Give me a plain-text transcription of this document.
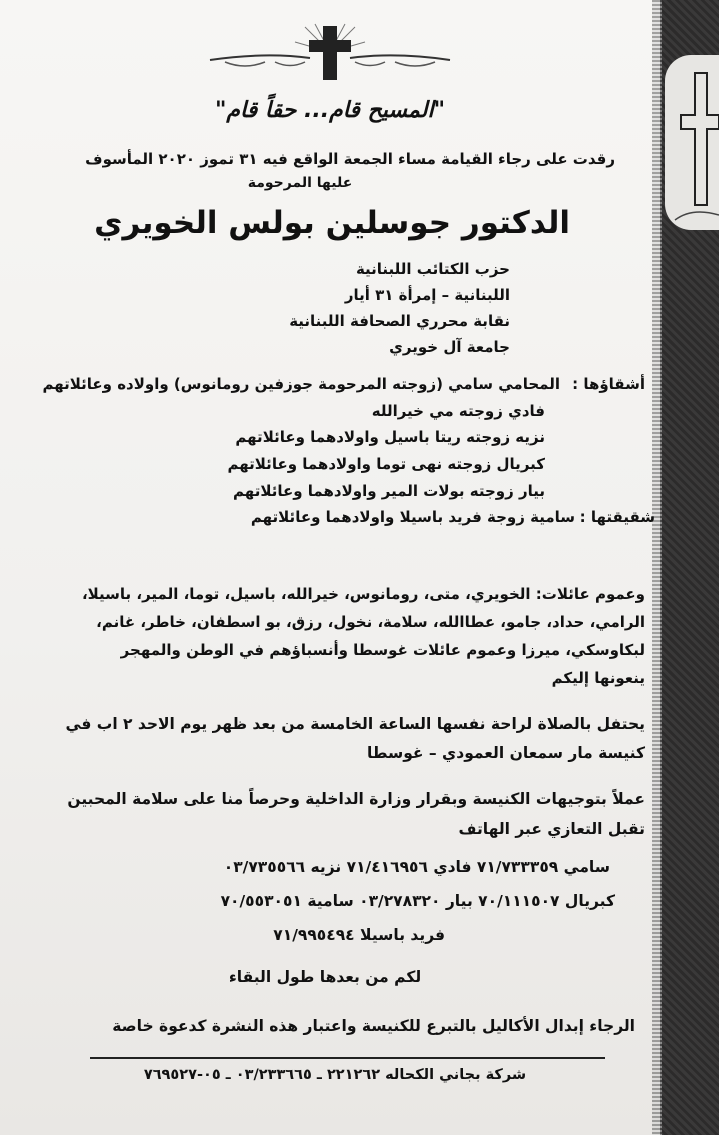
"المسيح قام... حقاً قام"
رقدت على رجاء القيامة مساء الجمعة الواقع فيه ٣١ تموز ٢٠٢٠ المأسوف
عليها المرحومة
الدكتور جوسلين بولس الخويري
حزب الكتائب اللبنانية
اللبنانية – إمرأة ٣١ أيار
نقابة محرري الصحافة اللبنانية
جامعة آل خويري
أشقاؤها :
المحامي سامي (زوجته المرحومة جوزفين رومانوس) واولاده وعائلاتهم
فادي زوجته مي خيرالله
نزيه زوجته ريتا باسيل واولادهما وعائلاتهم
كبريال زوجته نهى توما واولادهما وعائلاتهم
بيار زوجته بولات المير واولادهما وعائلاتهم
شقيقتها :
سامية زوجة فريد باسيلا واولادهما وعائلاتهم
وعموم عائلات: الخويري، متى، رومانوس، خيرالله، باسيل، توما، المير، باسيلا،
الرامي، حداد، جامو، عطاالله، سلامة، نخول، رزق، بو اسطفان، خاطر، غانم،
لبكاوسكي، ميرزا وعموم عائلات غوسطا وأنسباؤهم في الوطن والمهجر
ينعونها إليكم
يحتفل بالصلاة لراحة نفسها الساعة الخامسة من بعد ظهر يوم الاحد ٢ اب في
كنيسة مار سمعان العمودي – غوسطا
عملاً بتوجيهات الكنيسة وبقرار وزارة الداخلية وحرصاً منا على سلامة المحبين
تقبل التعازي عبر الهاتف
سامي ٧١/٧٣٣٣٥٩ فادي ٧١/٤١٦٩٥٦ نزيه ٠٣/٧٣٥٥٦٦
كبريال ٧٠/١١١٥٠٧ بيار ٠٣/٢٧٨٣٢٠ سامية ٧٠/٥٥٣٠٥١
فريد باسيلا ٧١/٩٩٥٤٩٤
لكم من بعدها طول البقاء
الرجاء إبدال الأكاليل بالتبرع للكنيسة واعتبار هذه النشرة كدعوة خاصة
شركة بجاني الكحاله ٢٢١٢٦٢ ـ ٠٣/٢٣٣٦٦٥ ـ ٠٥-٧٦٩٥٢٧
